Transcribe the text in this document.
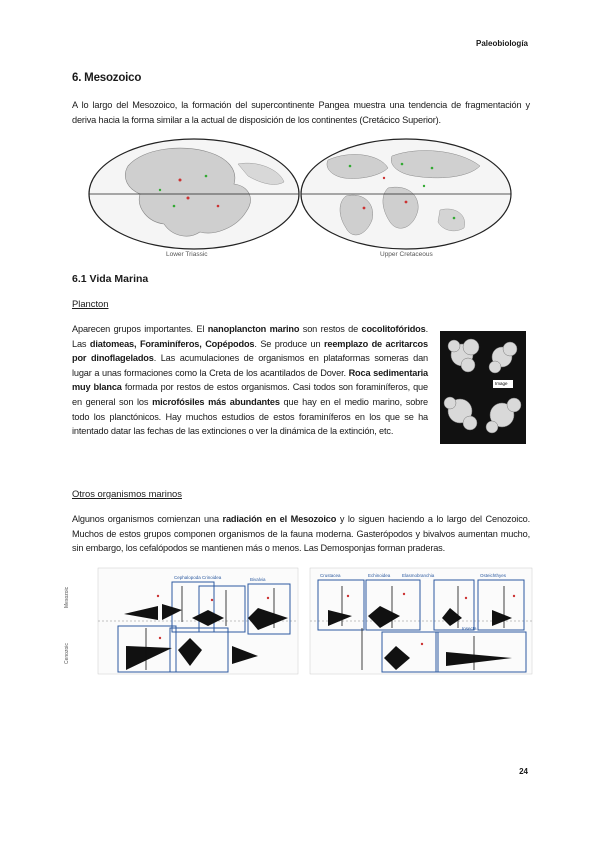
Paleobiología
6. Mesozoico
A lo largo del Mesozoico, la formación del supercontinente Pangea muestra una tendencia de fragmentación y deriva hacia la forma similar a la actual de disposición de los continentes (Cretácico Superior).
Lower Triassic	Upper Cretaceous
6.1 Vida Marina
Plancton
Aparecen grupos importantes. El nanoplancton marino son restos de cocolitofóridos. Las diatomeas, Foraminíferos, Copépodos. Se produce un reemplazo de acritarcos por dinoflagelados. Las acumulaciones de organismos en plataformas someras dan lugar a unas formaciones como la Creta de los acantilados de Dover. Roca sedimentaria muy blanca formada por restos de estos organismos. Casi todos son foraminíferos, que en general son los microfósiles más abundantes que hay en el medio marino, sobre todo los planctónicos. Hay muchos estudios de estos foraminíferos en los que se ha intentado datar las fechas de las extinciones o ver la dinámica de la extinción, etc.
Image
Otros organismos marinos
Algunos organismos comienzan una radiación en el Mesozoico y lo siguen haciendo a lo largo del Cenozoico. Muchos de estos grupos componen organismos de la fauna moderna. Gasterópodos y bivalvos aumentan mucho, sin embargo, los cefalópodos se mantienen más o menos. Las Demosponjas forman praderas.
Mesozoic
Cenozoic
Cephalopoda Crinoidea	Bivalvia
Crustacea	Echinoidea	Elasmobranchia	Osteichthyes
Insecta
24
